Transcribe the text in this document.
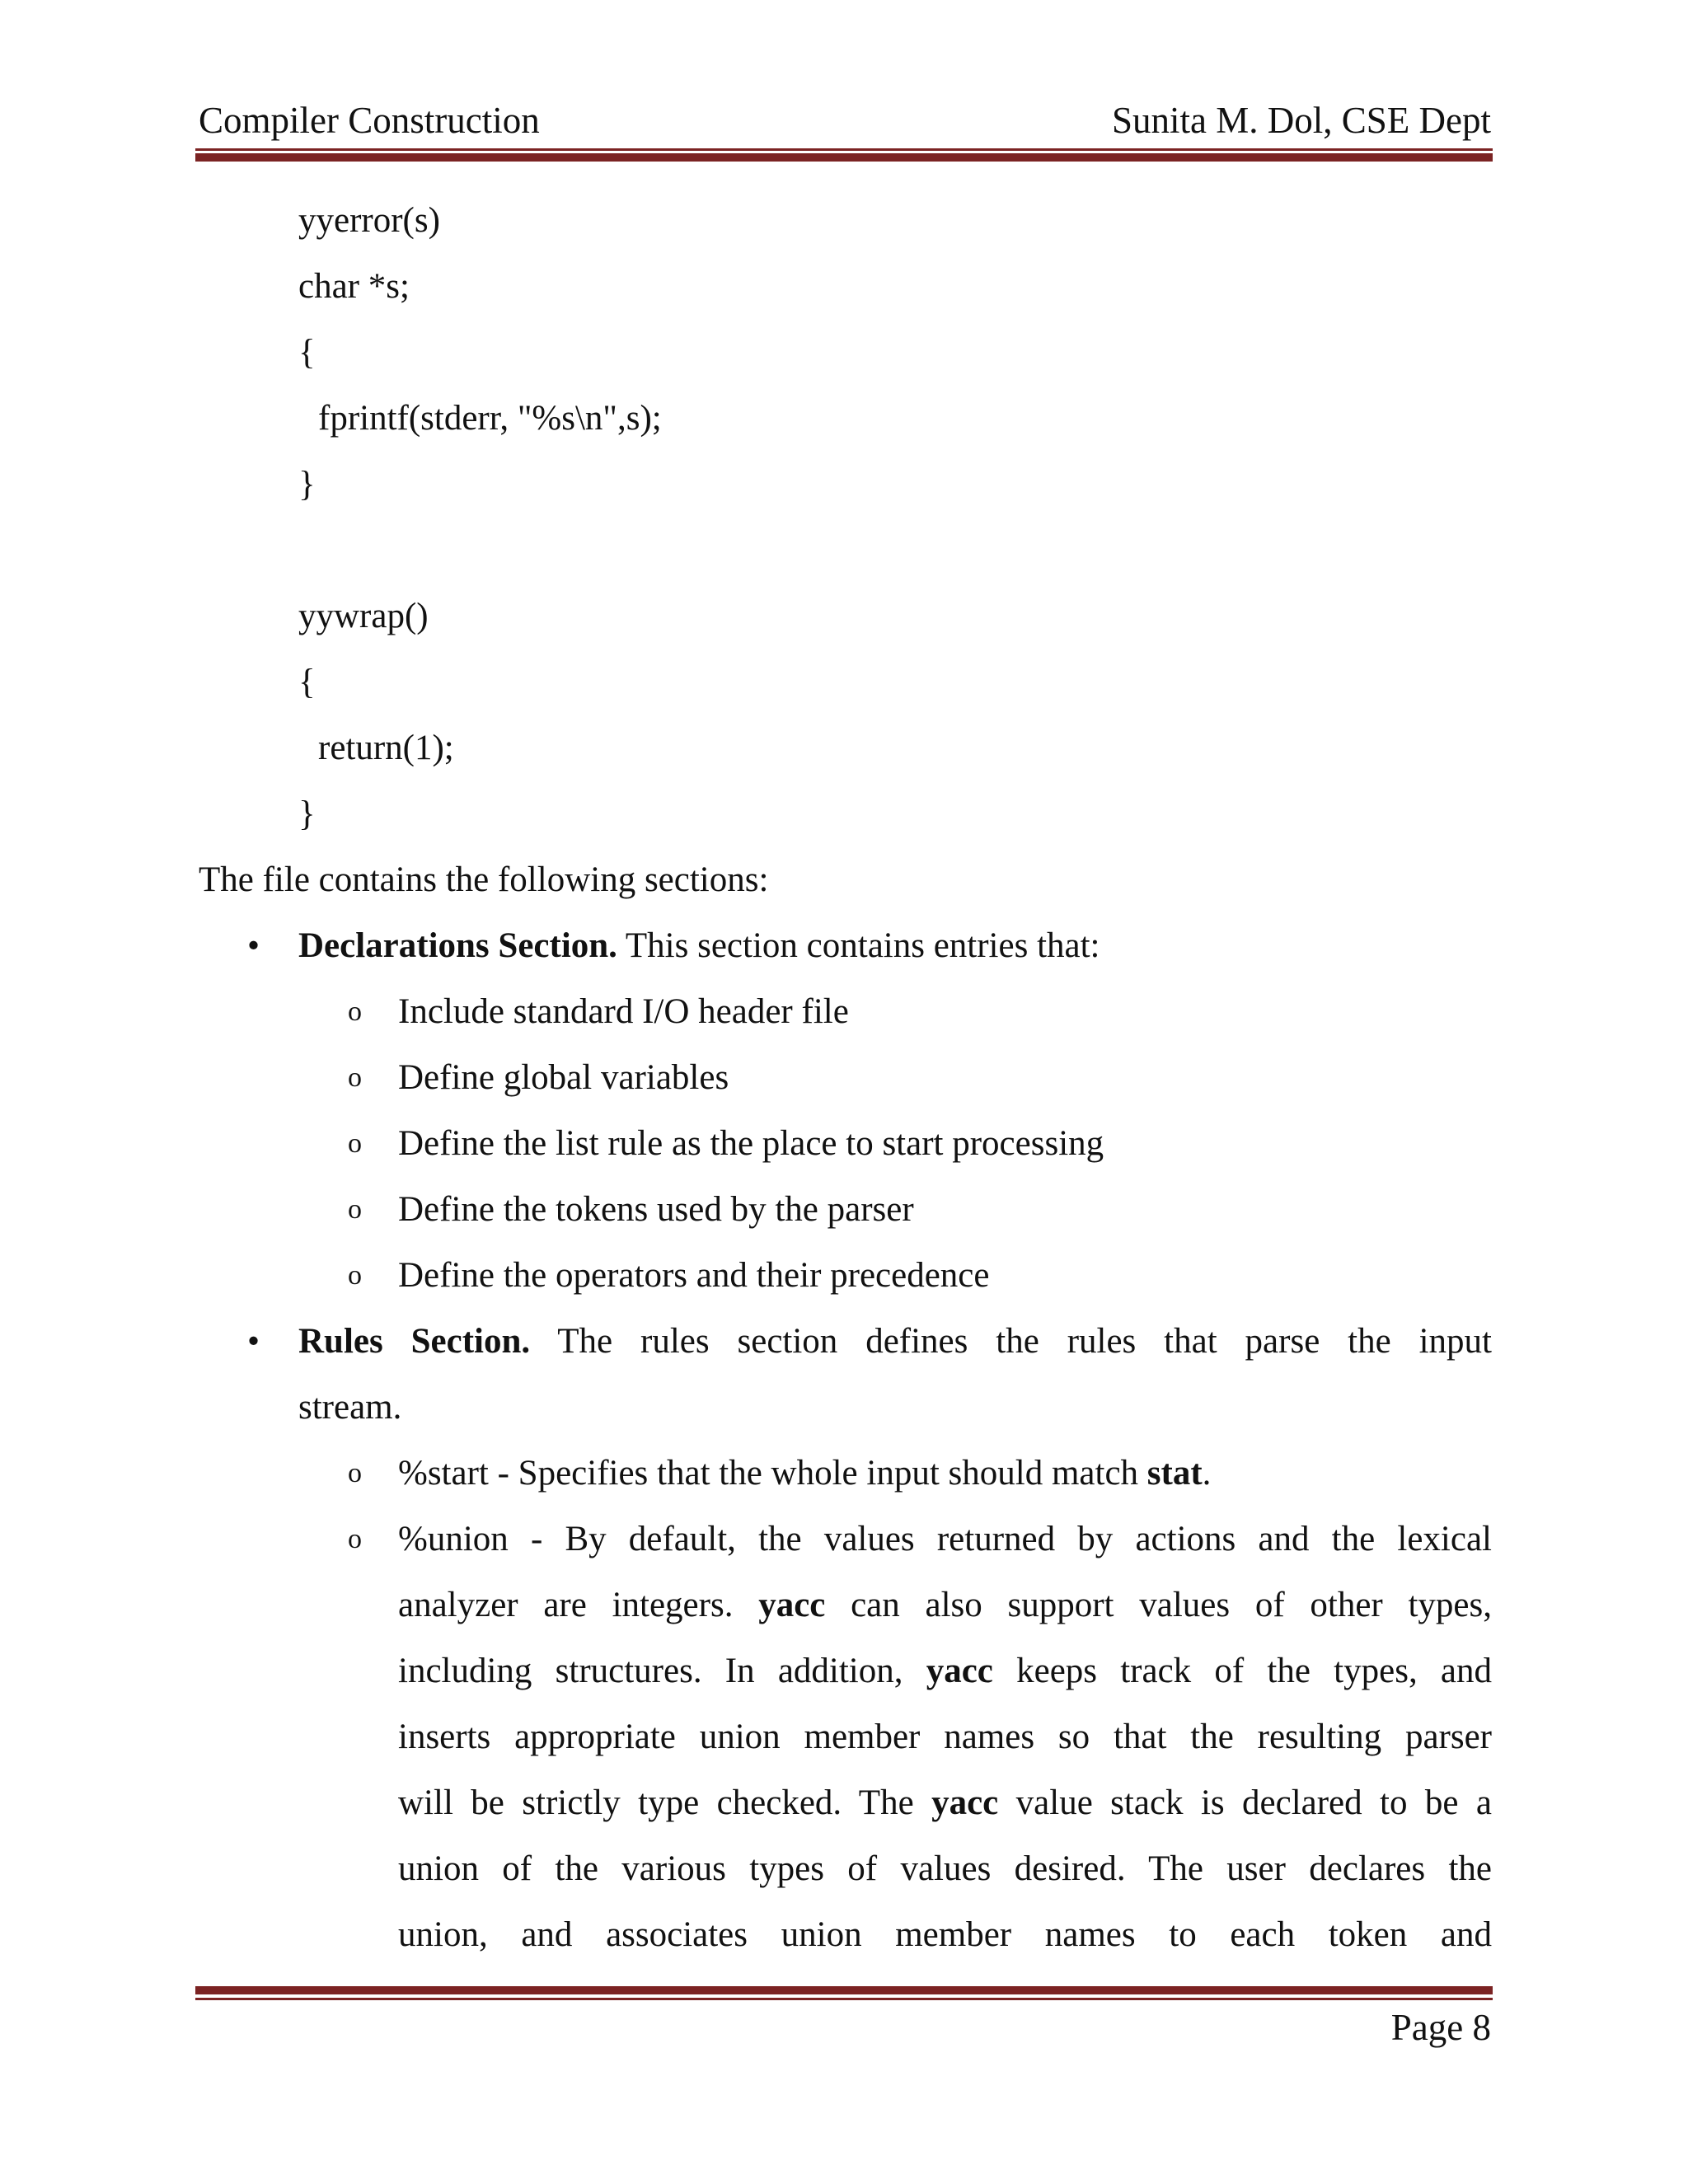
Compiler Construction	Sunita M. Dol, CSE Dept
yyerror(s)
char *s;
{
fprintf(stderr, "%s\n",s);
}
yywrap()
{
return(1);
}
The file contains the following sections:
• Declarations Section. This section contains entries that:
o Include standard I/O header file
o Define global variables
o Define the list rule as the place to start processing
o Define the tokens used by the parser
o Define the operators and their precedence
• Rules Section. The rules section defines the rules that parse the input
stream.
o %start - Specifies that the whole input should match stat.
o %union - By default, the values returned by actions and the lexical
analyzer are integers. yacc can also support values of other types,
including structures. In addition, yacc keeps track of the types, and
inserts appropriate union member names so that the resulting parser
will be strictly type checked. The yacc value stack is declared to be a
union of the various types of values desired. The user declares the
union, and associates union member names to each token and
Page 8
